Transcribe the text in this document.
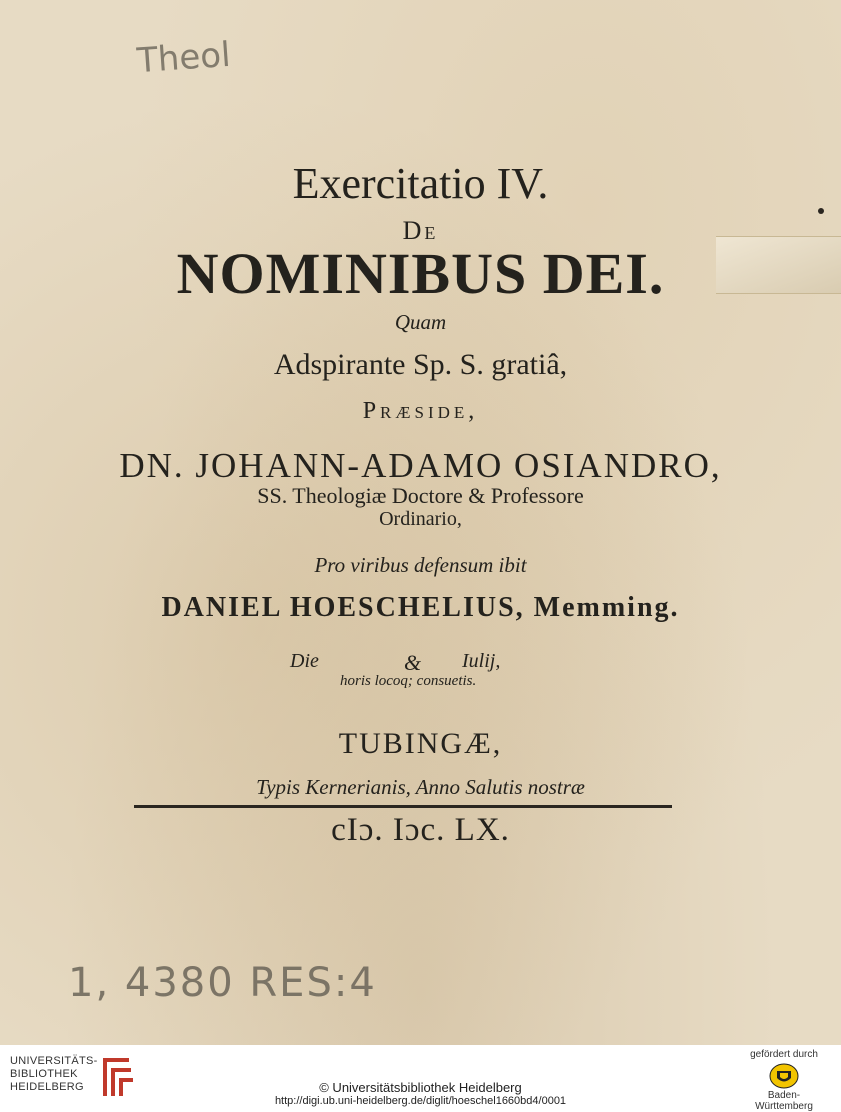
Theol
Exercitatio IV.
De
NOMINIBUS DEI.
Quam
Adspirante Sp. S. gratiâ,
Præside,
DN. JOHANN-ADAMO OSIANDRO,
SS. Theologiæ Doctore & Professore
Ordinario,
Pro viribus defensum ibit
DANIEL HOESCHELIUS, Memming.
Die	& Iulij,
horis locoq; consuetis.
TUBINGÆ,
Typis Kernerianis, Anno Salutis nostræ
cIɔ. Iɔc. LX.
1, 4380 RES:4
UNIVERSITÄTS-
BIBLIOTHEK
HEIDELBERG	© Universitätsbibliothek Heidelberg
http://digi.ub.uni-heidelberg.de/diglit/hoeschel1660bd4/0001
gefördert durch
Baden-Württemberg
